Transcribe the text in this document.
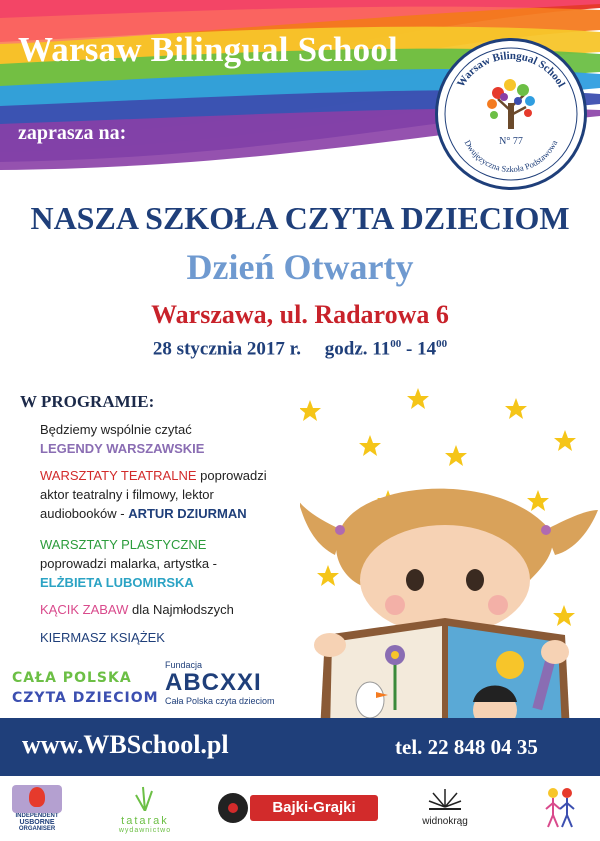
Warsaw Bilingual School
zaprasza na:
Warsaw Bilingual School
Dwujęzyczna Szkoła Podstawowa
N° 77
NASZA SZKOŁA CZYTA DZIECIOM
Dzień Otwarty
Warszawa, ul. Radarowa 6
28 stycznia 2017 r. godz. $11^{00} - 14^{00}$
W PROGRAMIE:
Będziemy wspólnie czytać
LEGENDY WARSZAWSKIE
WARSZTATY TEATRALNE poprowadzi
aktor teatralny i filmowy, lektor
audiobooków - ARTUR DZIURMAN
WARSZTATY PLASTYCZNE
poprowadzi malarka, artystka -
ELŻBIETA LUBOMIRSKA
KĄCIK ZABAW dla Najmłodszych
KIERMASZ KSIĄŻEK
CAŁA POLSKA
CZYTA DZIECIOM
Fundacja
ABCXXI
Cała Polska czyta dzieciom
www.WBSchool.pl	tel. 22 848 04 35
INDEPENDENT
USBORNE
ORGANISER
tatarak
wydawnictwo
Bajki-Grajki
widnokrąg
